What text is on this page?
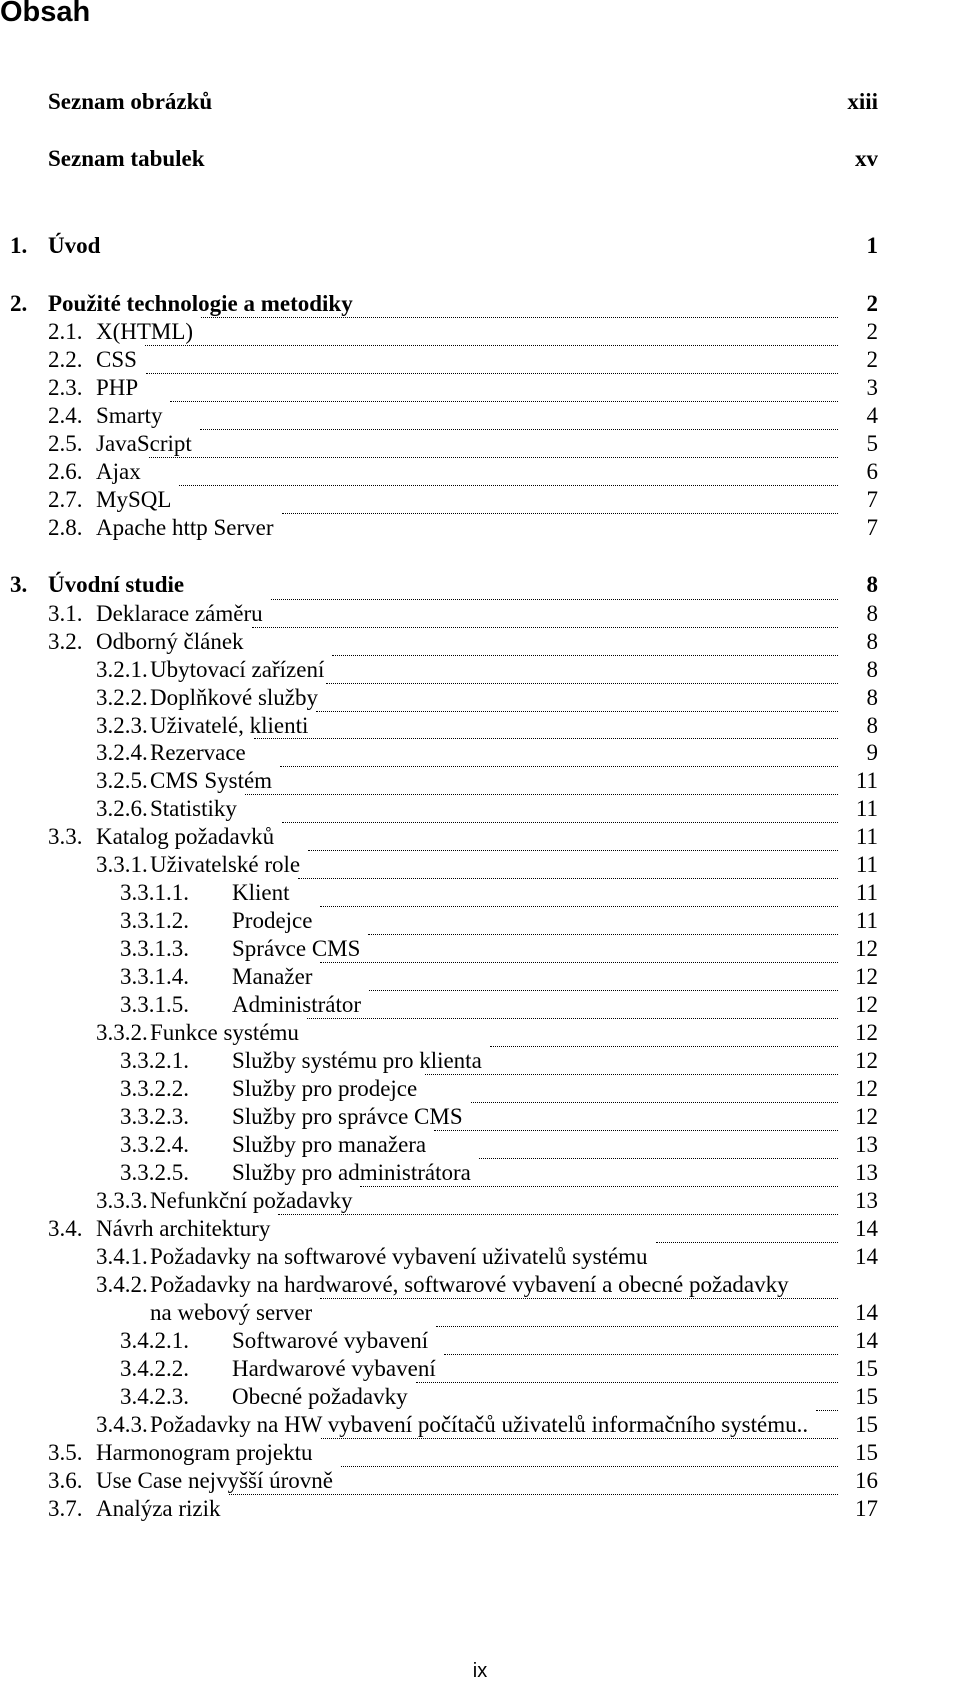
Obsah
Seznam obrázků	xiii
Seznam tabulek	xv
1. Úvod	1
2. Použité technologie a metodiky	2
2.1. X(HTML)	2
2.2. CSS	2
2.3. PHP	3
2.4. Smarty	4
2.5. JavaScript	5
2.6. Ajax	6
2.7. MySQL	7
2.8. Apache http Server	7
3. Úvodní studie	8
3.1. Deklarace záměru	8
3.2. Odborný článek	8
3.2.1. Ubytovací zařízení	8
3.2.2. Doplňkové služby	8
3.2.3. Uživatelé, klienti	8
3.2.4. Rezervace	9
3.2.5. CMS Systém	11
3.2.6. Statistiky	11
3.3. Katalog požadavků	11
3.3.1. Uživatelské role	11
3.3.1.1. Klient	11
3.3.1.2. Prodejce	11
3.3.1.3. Správce CMS	12
3.3.1.4. Manažer	12
3.3.1.5. Administrátor	12
3.3.2. Funkce systému	12
3.3.2.1. Služby systému pro klienta	12
3.3.2.2. Služby pro prodejce	12
3.3.2.3. Služby pro správce CMS	12
3.3.2.4. Služby pro manažera	13
3.3.2.5. Služby pro administrátora	13
3.3.3. Nefunkční požadavky	13
3.4. Návrh architektury	14
3.4.1. Požadavky na softwarové vybavení uživatelů systému	14
3.4.2. Požadavky na hardwarové, softwarové vybavení a obecné požadavky
na webový server	14
3.4.2.1. Softwarové vybavení	14
3.4.2.2. Hardwarové vybavení	15
3.4.2.3. Obecné požadavky	15
3.4.3. Požadavky na HW vybavení počítačů uživatelů informačního systému..	15
3.5. Harmonogram projektu	15
3.6. Use Case nejvyšší úrovně	16
3.7. Analýza rizik	17
ix
